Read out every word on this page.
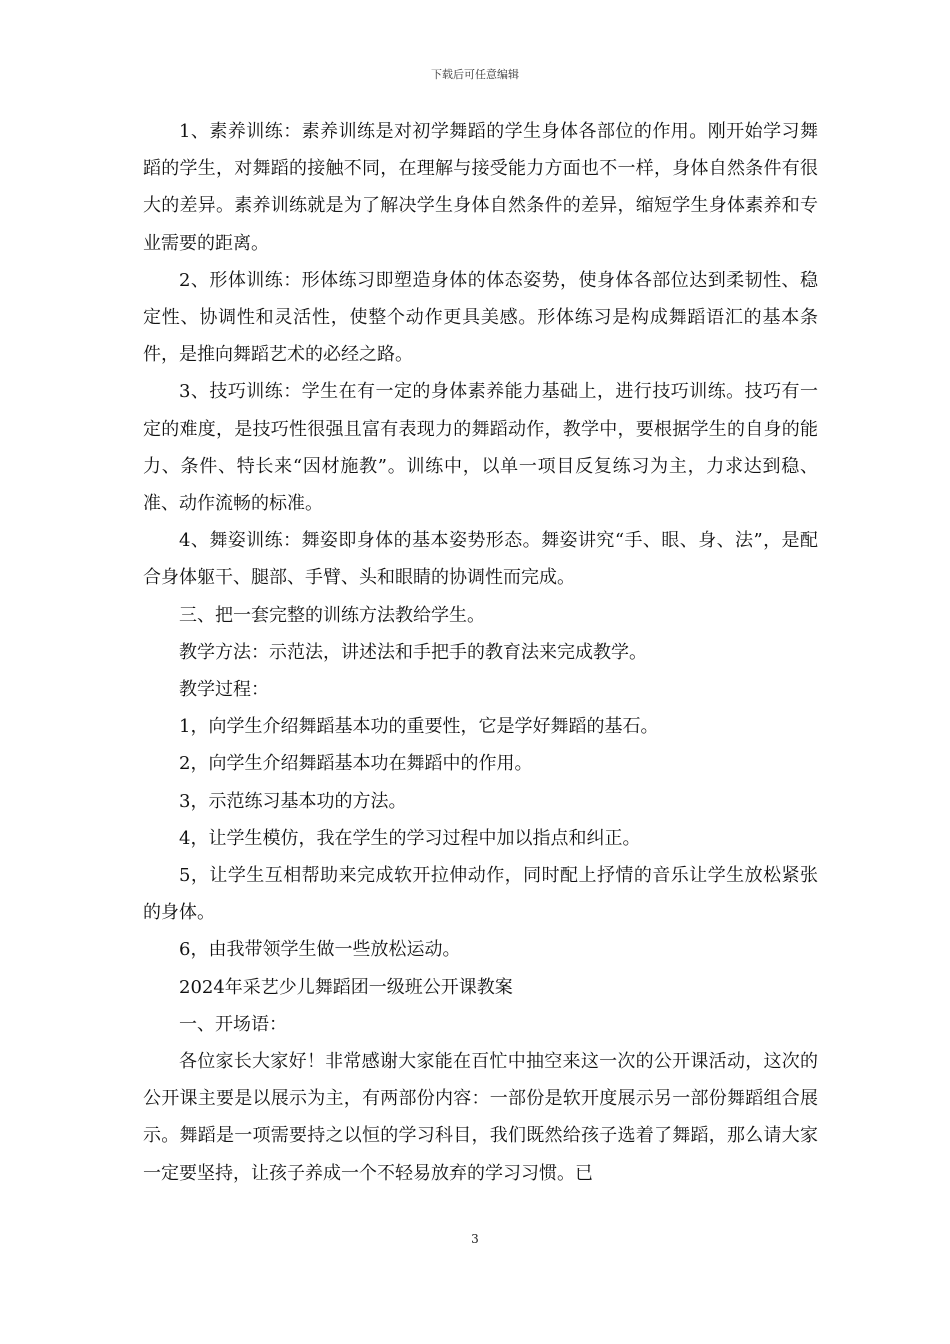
下载后可任意编辑

1、素养训练：素养训练是对初学舞蹈的学生身体各部位的作用。刚开始学习舞蹈的学生，对舞蹈的接触不同，在理解与接受能力方面也不一样，身体自然条件有很大的差异。素养训练就是为了解决学生身体自然条件的差异，缩短学生身体素养和专业需要的距离。

2、形体训练：形体练习即塑造身体的体态姿势，使身体各部位达到柔韧性、稳定性、协调性和灵活性，使整个动作更具美感。形体练习是构成舞蹈语汇的基本条件，是推向舞蹈艺术的必经之路。

3、技巧训练：学生在有一定的身体素养能力基础上，进行技巧训练。技巧有一定的难度，是技巧性很强且富有表现力的舞蹈动作，教学中，要根据学生的自身的能力、条件、特长来“因材施教”。训练中，以单一项目反复练习为主，力求达到稳、准、动作流畅的标准。

4、舞姿训练：舞姿即身体的基本姿势形态。舞姿讲究“手、眼、身、法”，是配合身体躯干、腿部、手臂、头和眼睛的协调性而完成。

三、把一套完整的训练方法教给学生。

教学方法：示范法，讲述法和手把手的教育法来完成教学。

教学过程：

1，向学生介绍舞蹈基本功的重要性，它是学好舞蹈的基石。

2，向学生介绍舞蹈基本功在舞蹈中的作用。

3，示范练习基本功的方法。

4，让学生模仿，我在学生的学习过程中加以指点和纠正。

5，让学生互相帮助来完成软开拉伸动作，同时配上抒情的音乐让学生放松紧张的身体。

6，由我带领学生做一些放松运动。

2024年采艺少儿舞蹈团一级班公开课教案

一、开场语：

各位家长大家好！非常感谢大家能在百忙中抽空来这一次的公开课活动，这次的公开课主要是以展示为主，有两部份内容：一部份是软开度展示另一部份舞蹈组合展示。舞蹈是一项需要持之以恒的学习科目，我们既然给孩子选着了舞蹈，那么请大家一定要坚持，让孩子养成一个不轻易放弃的学习习惯。已

3
